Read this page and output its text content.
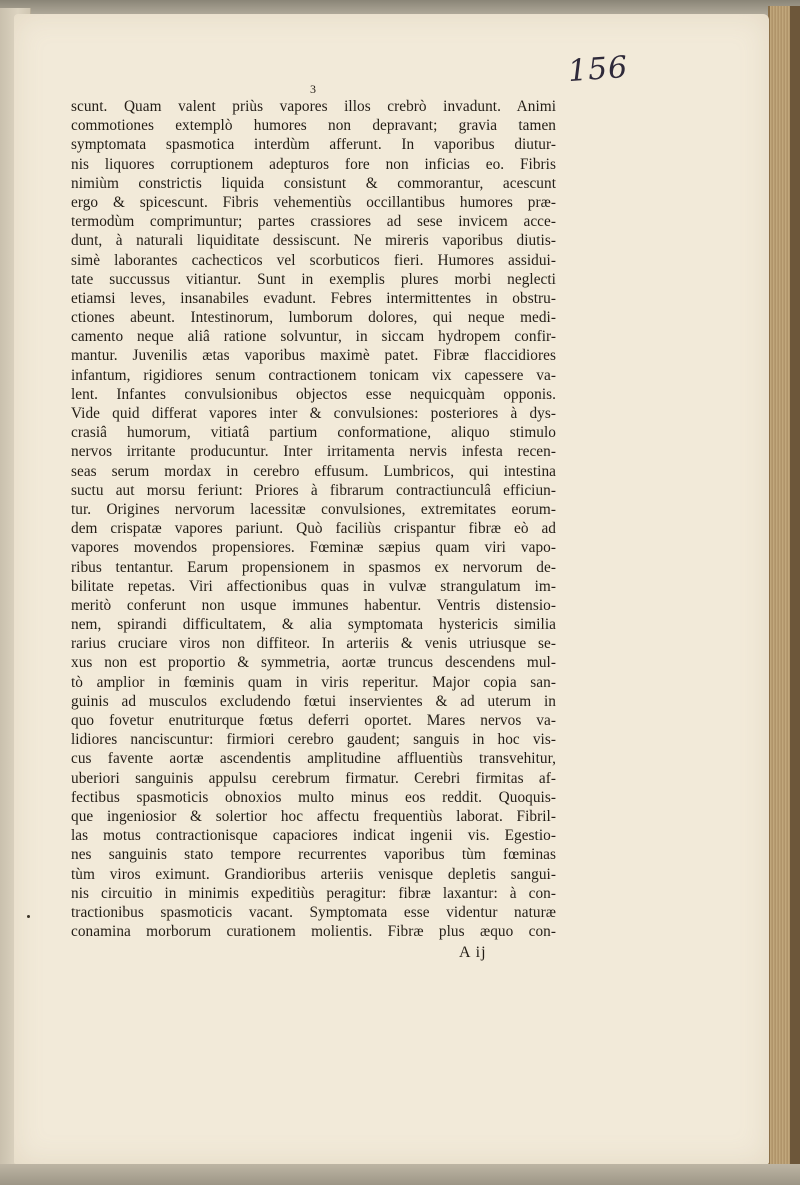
156
3
scunt. Quam valent priùs vapores illos crebrò invadunt. Animi
commotiones extemplò humores non depravant; gravia tamen
symptomata spasmotica interdùm afferunt. In vaporibus diutur-
nis liquores corruptionem adepturos fore non inficias eo. Fibris
nimiùm constrictis liquida consistunt & commorantur, acescunt
ergo & spicescunt. Fibris vehementiùs occillantibus humores præ-
termodùm comprimuntur; partes crassiores ad sese invicem acce-
dunt, à naturali liquiditate dessiscunt. Ne mireris vaporibus diutis-
simè laborantes cachecticos vel scorbuticos fieri. Humores assidui-
tate succussus vitiantur. Sunt in exemplis plures morbi neglecti
etiamsi leves, insanabiles evadunt. Febres intermittentes in obstru-
ctiones abeunt. Intestinorum, lumborum dolores, qui neque medi-
camento neque aliâ ratione solvuntur, in siccam hydropem confir-
mantur. Juvenilis ætas vaporibus maximè patet. Fibræ flaccidiores
infantum, rigidiores senum contractionem tonicam vix capessere va-
lent. Infantes convulsionibus objectos esse nequicquàm opponis.
Vide quid differat vapores inter & convulsiones: posteriores à dys-
crasiâ humorum, vitiatâ partium conformatione, aliquo stimulo
nervos irritante producuntur. Inter irritamenta nervis infesta recen-
seas serum mordax in cerebro effusum. Lumbricos, qui intestina
suctu aut morsu feriunt: Priores à fibrarum contractiunculâ efficiun-
tur. Origines nervorum lacessitæ convulsiones, extremitates eorum-
dem crispatæ vapores pariunt. Quò faciliùs crispantur fibræ eò ad
vapores movendos propensiores. Fœminæ sæpius quam viri vapo-
ribus tentantur. Earum propensionem in spasmos ex nervorum de-
bilitate repetas. Viri affectionibus quas in vulvæ strangulatum im-
meritò conferunt non usque immunes habentur. Ventris distensio-
nem, spirandi difficultatem, & alia symptomata hystericis similia
rarius cruciare viros non diffiteor. In arteriis & venis utriusque se-
xus non est proportio & symmetria, aortæ truncus descendens mul-
tò amplior in fœminis quam in viris reperitur. Major copia san-
guinis ad musculos excludendo fœtui inservientes & ad uterum in
quo fovetur enutriturque fœtus deferri oportet. Mares nervos va-
lidiores nanciscuntur: firmiori cerebro gaudent; sanguis in hoc vis-
cus favente aortæ ascendentis amplitudine affluentiùs transvehitur,
uberiori sanguinis appulsu cerebrum firmatur. Cerebri firmitas af-
fectibus spasmoticis obnoxios multo minus eos reddit. Quoquis-
que ingeniosior & solertior hoc affectu frequentiùs laborat. Fibril-
las motus contractionisque capaciores indicat ingenii vis. Egestio-
nes sanguinis stato tempore recurrentes vaporibus tùm fœminas
tùm viros eximunt. Grandioribus arteriis venisque depletis sangui-
nis circuitio in minimis expeditiùs peragitur: fibræ laxantur: à con-
tractionibus spasmoticis vacant. Symptomata esse videntur naturæ
conamina morborum curationem molientis. Fibræ plus æquo con-
A ij
